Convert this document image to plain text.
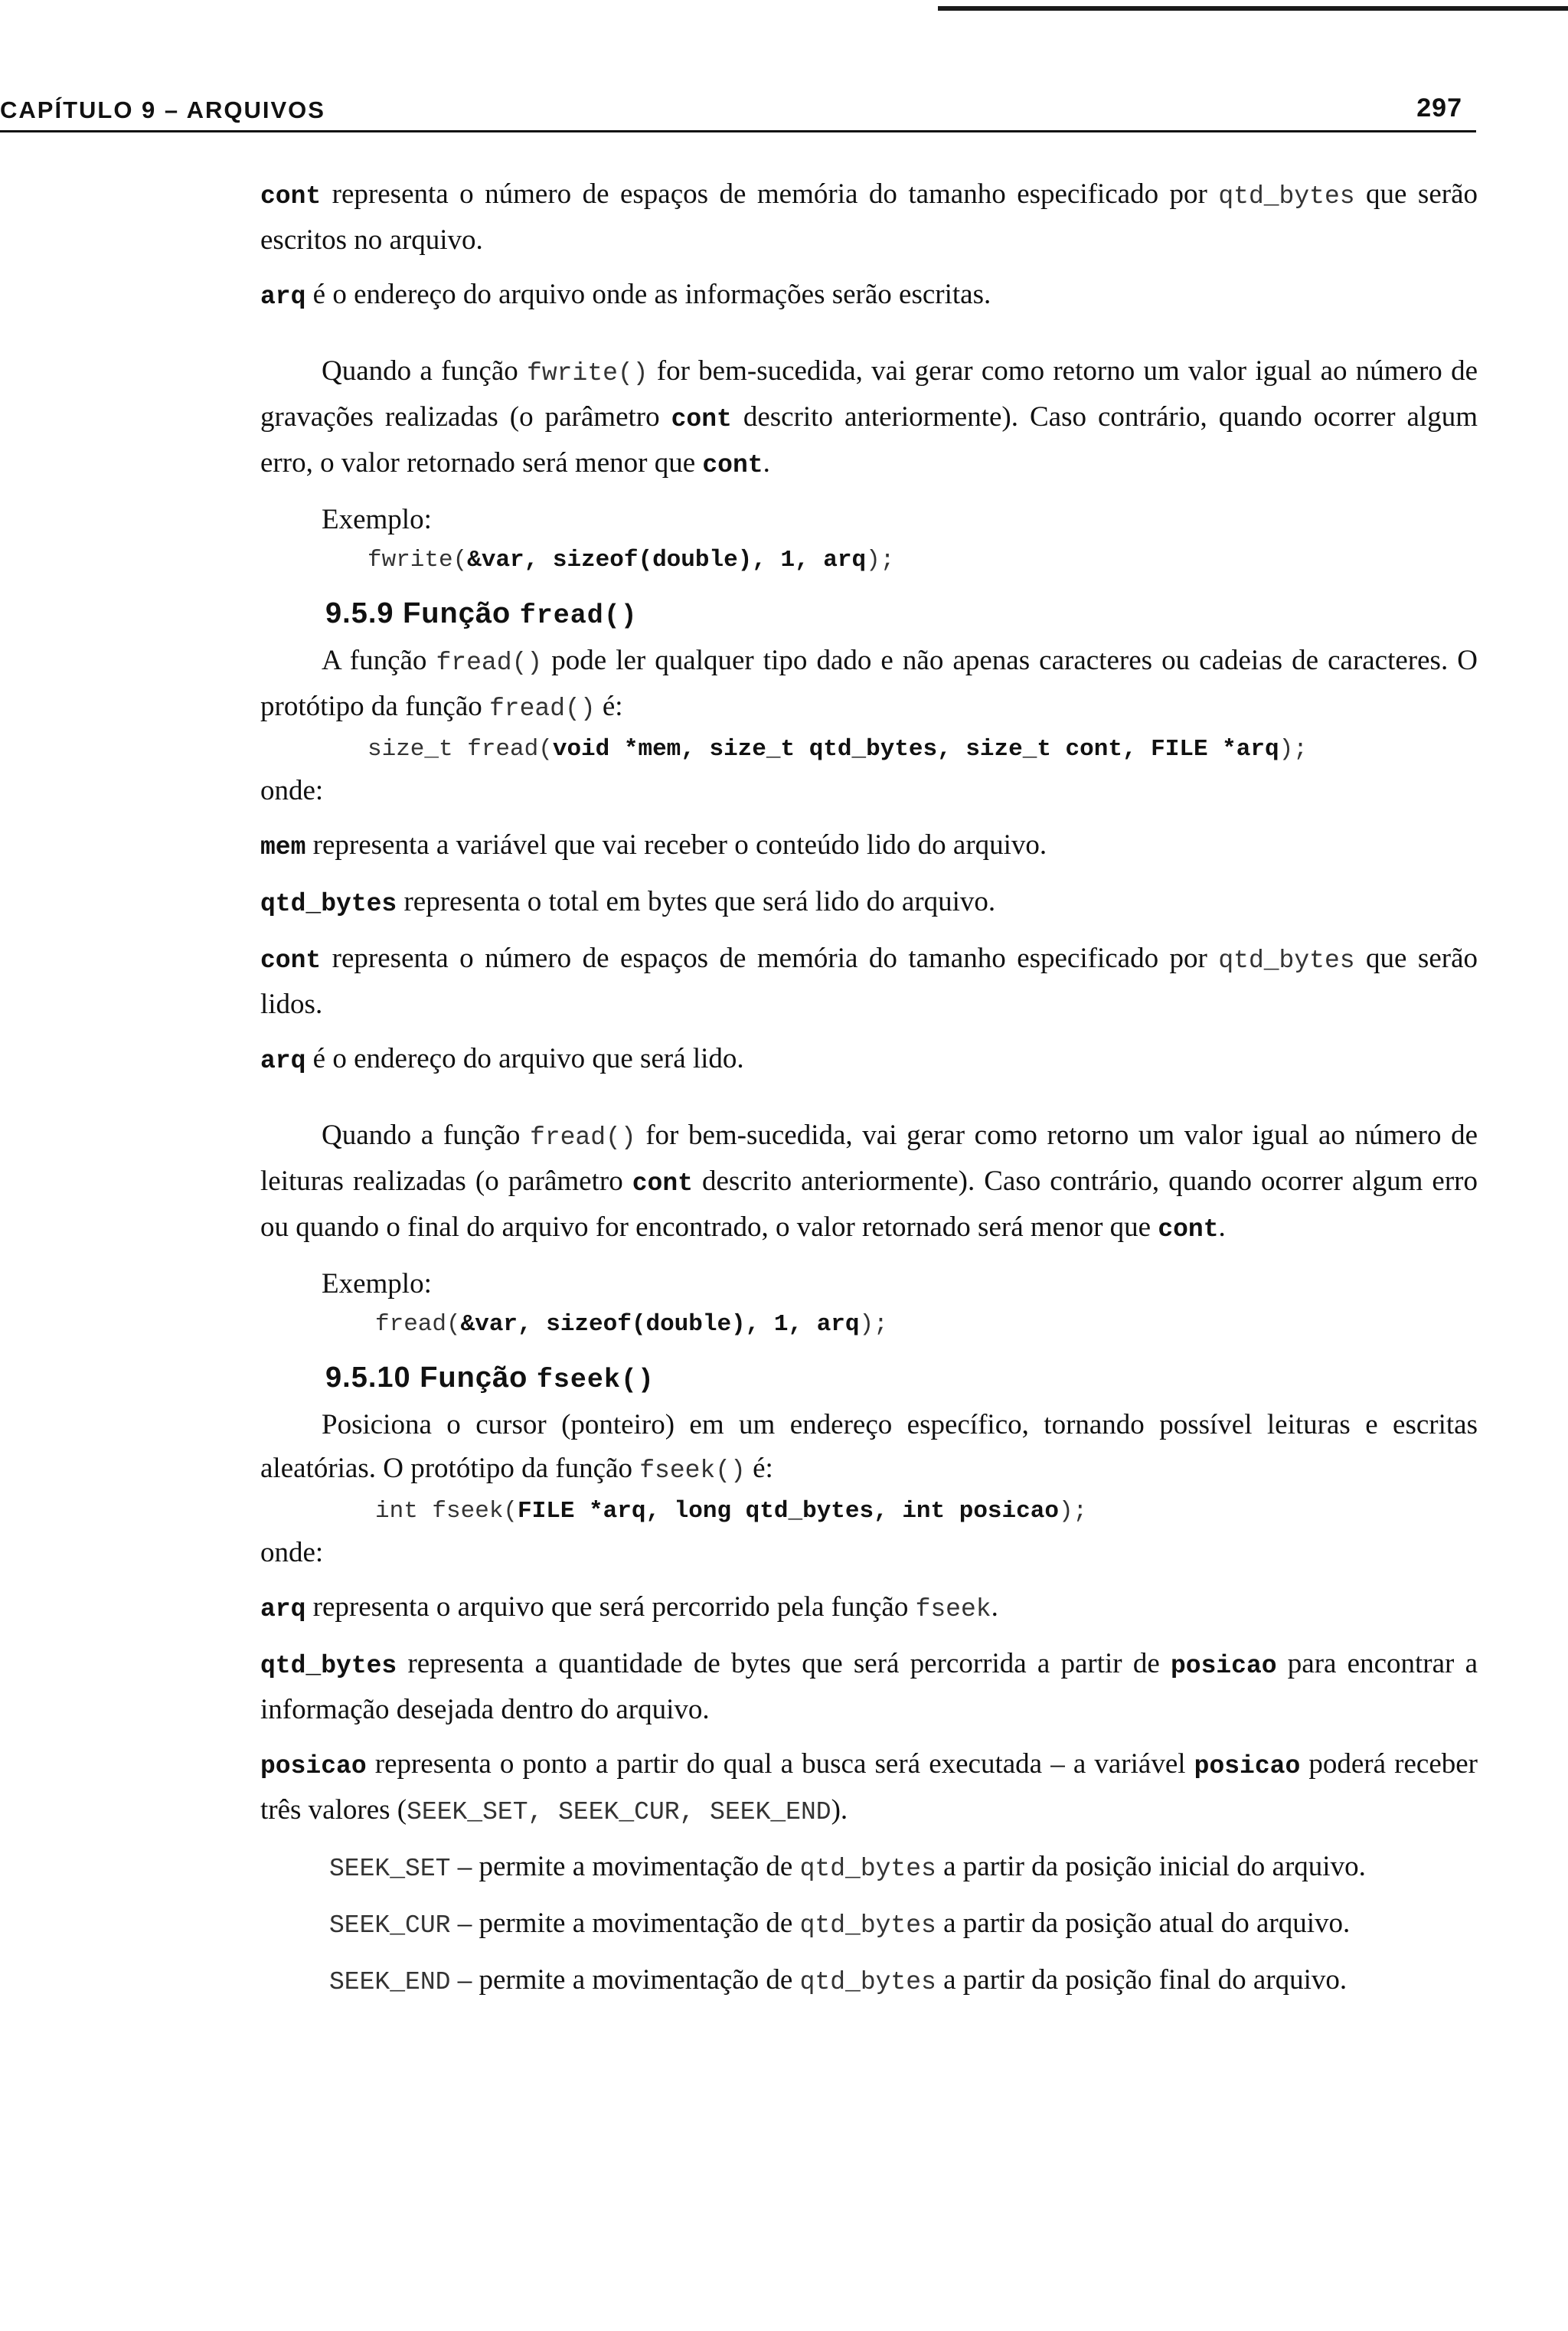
CAPÍTULO 9 – ARQUIVOS	297

cont representa o número de espaços de memória do tamanho especificado por qtd_bytes que serão escritos no arquivo.

arq é o endereço do arquivo onde as informações serão escritas.

Quando a função fwrite() for bem-sucedida, vai gerar como retorno um valor igual ao número de gravações realizadas (o parâmetro cont descrito anteriormente). Caso contrário, quando ocorrer algum erro, o valor retornado será menor que cont.

Exemplo:

fwrite(&var, sizeof(double), 1, arq);
9.5.9 Função fread()

A função fread() pode ler qualquer tipo dado e não apenas caracteres ou cadeias de caracteres. O protótipo da função fread() é:

size_t fread(void *mem, size_t qtd_bytes, size_t cont, FILE *arq);

onde:

mem representa a variável que vai receber o conteúdo lido do arquivo.

qtd_bytes representa o total em bytes que será lido do arquivo.

cont representa o número de espaços de memória do tamanho especificado por qtd_bytes que serão lidos.

arq é o endereço do arquivo que será lido.

Quando a função fread() for bem-sucedida, vai gerar como retorno um valor igual ao número de leituras realizadas (o parâmetro cont descrito anteriormente). Caso contrário, quando ocorrer algum erro ou quando o final do arquivo for encontrado, o valor retornado será menor que cont.

Exemplo:

fread(&var, sizeof(double), 1, arq);
9.5.10 Função fseek()

Posiciona o cursor (ponteiro) em um endereço específico, tornando possível leituras e escritas aleatórias. O protótipo da função fseek() é:

int fseek(FILE *arq, long qtd_bytes, int posicao);

onde:

arq representa o arquivo que será percorrido pela função fseek.

qtd_bytes representa a quantidade de bytes que será percorrida a partir de posicao para encontrar a informação desejada dentro do arquivo.

posicao representa o ponto a partir do qual a busca será executada – a variável posicao poderá receber três valores (SEEK_SET, SEEK_CUR, SEEK_END).

SEEK_SET – permite a movimentação de qtd_bytes a partir da posição inicial do arquivo.

SEEK_CUR – permite a movimentação de qtd_bytes a partir da posição atual do arquivo.

SEEK_END – permite a movimentação de qtd_bytes a partir da posição final do arquivo.
